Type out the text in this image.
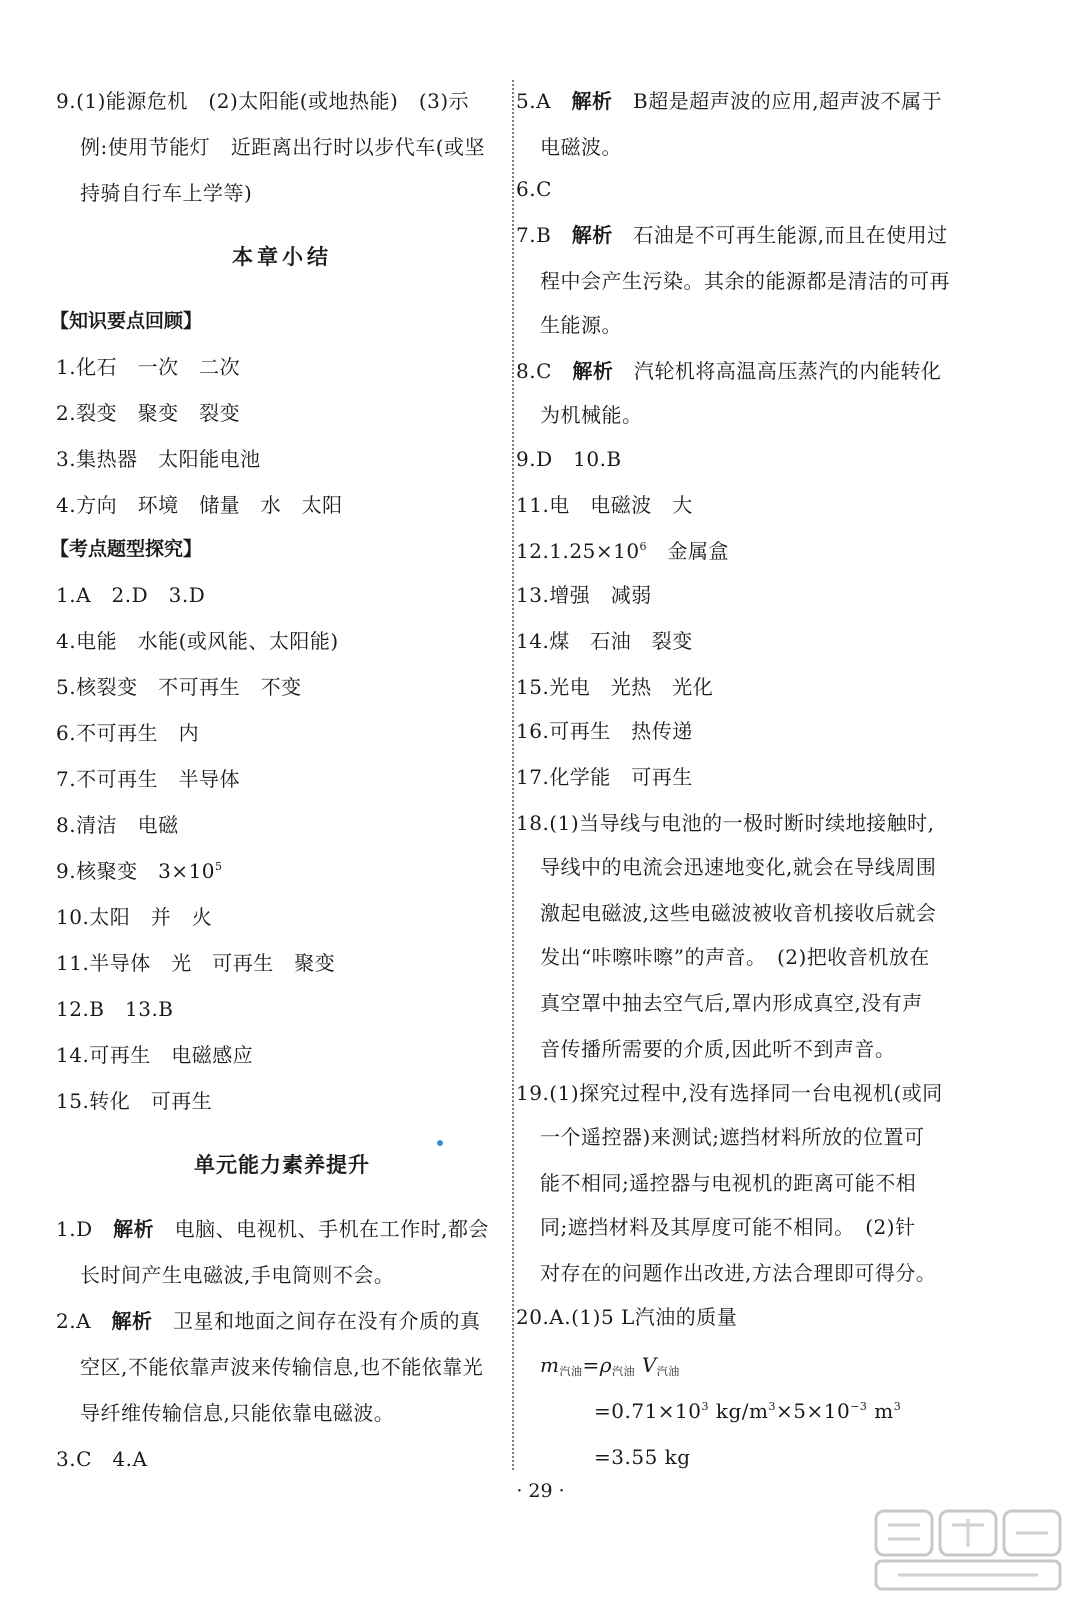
9.(1)能源危机　(2)太阳能(或地热能)　(3)示
例:使用节能灯　近距离出行时以步代车(或坚
持骑自行车上学等)
本章小结
【知识要点回顾】
1.化石　一次　二次
2.裂变　聚变　裂变
3.集热器　太阳能电池
4.方向　环境　储量　水　太阳
【考点题型探究】
1.A　2.D　3.D
4.电能　水能(或风能、太阳能)
5.核裂变　不可再生　不变
6.不可再生　内
7.不可再生　半导体
8.清洁　电磁
9.核聚变　$3\times 10^5$
10.太阳　并　火
11.半导体　光　可再生　聚变
12.B　13.B
14.可再生　电磁感应
15.转化　可再生
单元能力素养提升
1.D　解析　电脑、电视机、手机在工作时,都会
长时间产生电磁波,手电筒则不会。
2.A　解析　卫星和地面之间存在没有介质的真
空区,不能依靠声波来传输信息,也不能依靠光
导纤维传输信息,只能依靠电磁波。
3.C　4.A
5.A　解析　B超是超声波的应用,超声波不属于
电磁波。
6.C
7.B　解析　石油是不可再生能源,而且在使用过
程中会产生污染。其余的能源都是清洁的可再
生能源。
8.C　解析　汽轮机将高温高压蒸汽的内能转化
为机械能。
9.D　10.B
11.电　电磁波　大
$12.1.25\times 10^6$　金属盒
13.增强　减弱
14.煤　石油　裂变
15.光电　光热　光化
16.可再生　热传递
17.化学能　可再生
18.(1)当导线与电池的一极时断时续地接触时,
导线中的电流会迅速地变化,就会在导线周围
激起电磁波,这些电磁波被收音机接收后就会
发出“咔嚓咔嚓”的声音。　(2)把收音机放在
真空罩中抽去空气后,罩内形成真空,没有声
音传播所需要的介质,因此听不到声音。
19.(1)探究过程中,没有选择同一台电视机(或同
一个遥控器)来测试;遮挡材料所放的位置可
能不相同;遥控器与电视机的距离可能不相
同;遮挡材料及其厚度可能不相同。　(2)针
对存在的问题作出改进,方法合理即可得分。
20.A.(1)5 L汽油的质量
m汽油=ρ汽油 V汽油
$=0.71\times 10^3$ $kg/m^3\times 5\times 10^{-3}$ $m^3$
=3.55 kg
· 29 ·
